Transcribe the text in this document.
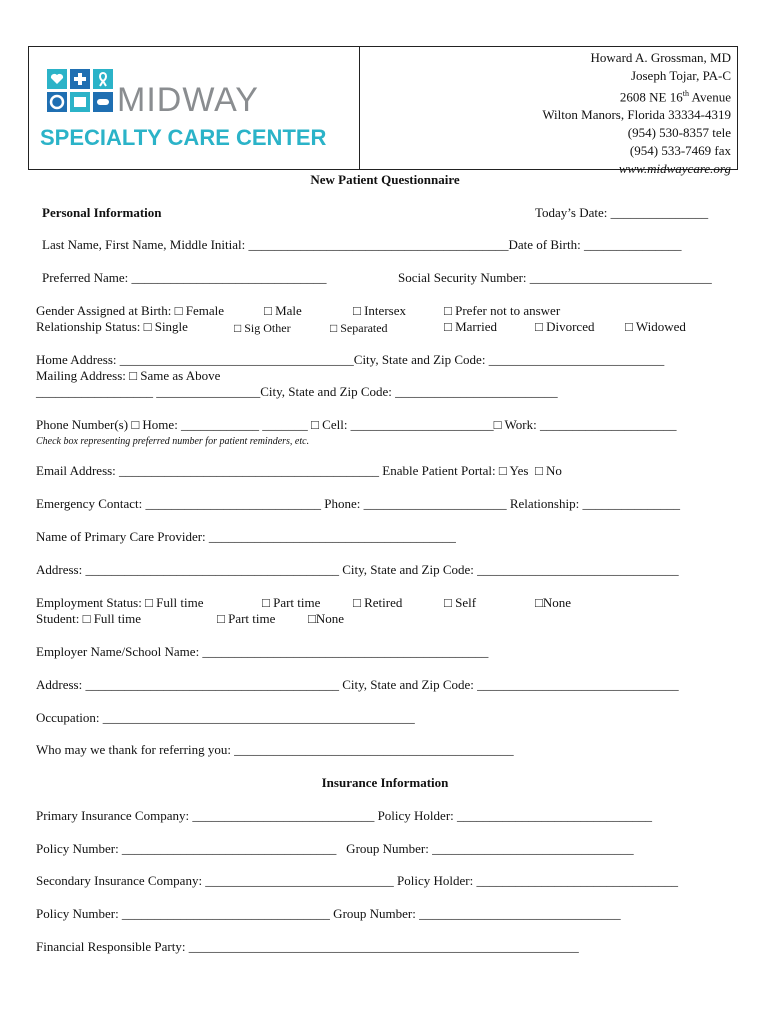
MIDWAY
SPECIALTY CARE CENTER
Howard A. Grossman, MD
Joseph Tojar, PA-C
2608 NE 16th Avenue
Wilton Manors, Florida 33334-4319
(954) 530-8357 tele
(954) 533-7469 fax
www.midwaycare.org
New Patient Questionnaire
Personal Information	Today’s Date: _______________
Last Name, First Name, Middle Initial: ________________________________________Date of Birth: _______________
Preferred Name: ______________________________	Social Security Number: ____________________________
Gender Assigned at Birth: □ Female	□ Male	□ Intersex	□ Prefer not to answer
Relationship Status: □ Single	□ Sig Other	□ Separated	□ Married	□ Divorced □ Widowed
Home Address: ____________________________________City, State and Zip Code: ___________________________
Mailing Address: □ Same as Above
__________________ ________________City, State and Zip Code: _________________________
Phone Number(s) □ Home: ____________ _______ □ Cell: ______________________□ Work: _____________________
Check box representing preferred number for patient reminders, etc.
Email Address: ________________________________________ Enable Patient Portal: □ Yes  □ No
Emergency Contact: ___________________________ Phone: ______________________ Relationship: _______________
Name of Primary Care Provider: ______________________________________
Address: _______________________________________ City, State and Zip Code: _______________________________
Employment Status: □ Full time	□ Part time	□ Retired	□ Self	□None
Student: □ Full time	□ Part time	□None
Employer Name/School Name: ____________________________________________
Address: _______________________________________ City, State and Zip Code: _______________________________
Occupation: ________________________________________________
Who may we thank for referring you: ___________________________________________
Insurance Information
Primary Insurance Company: ____________________________ Policy Holder: ______________________________
Policy Number: _________________________________   Group Number: _______________________________
Secondary Insurance Company: _____________________________ Policy Holder: _______________________________
Policy Number: ________________________________ Group Number: _______________________________
Financial Responsible Party: ____________________________________________________________
